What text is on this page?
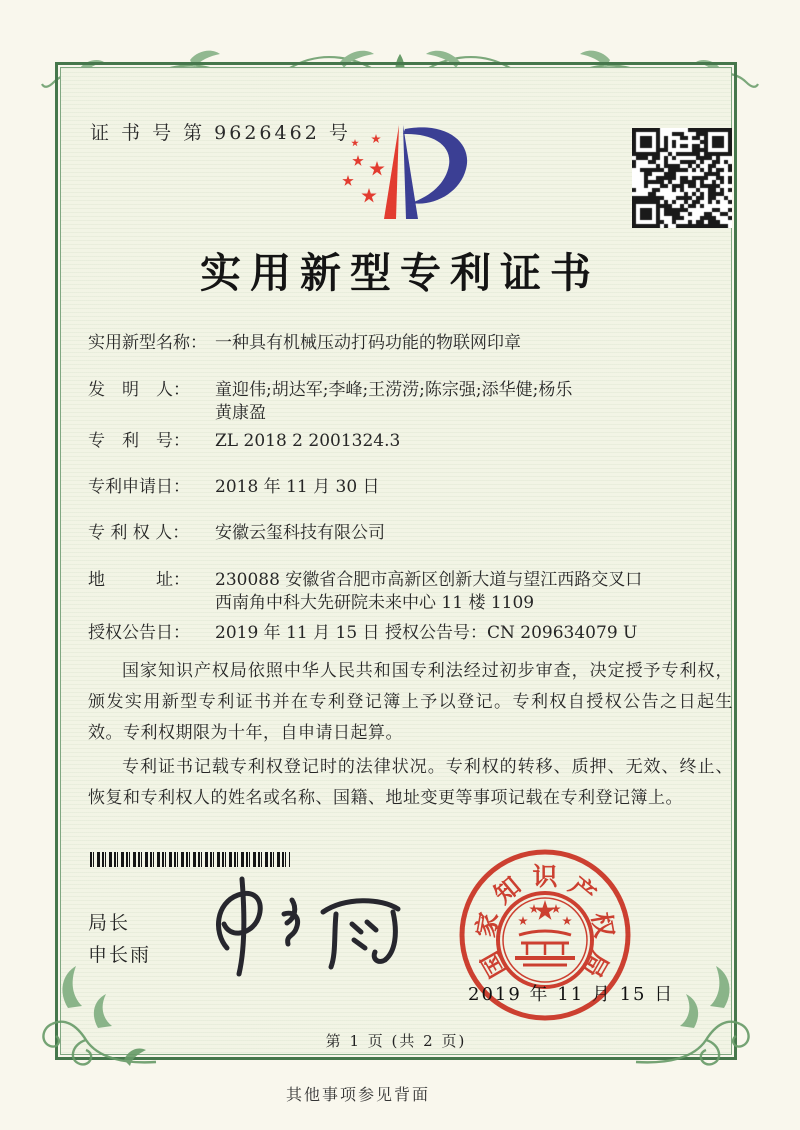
证 书 号 第 9626462 号
实用新型专利证书
实用新型名称： 一种具有机械压动打码功能的物联网印章
发　明　人： 童迎伟;胡达军;李峰;王涝涝;陈宗强;添华健;杨乐
黄康盈
专　利　号： ZL 2018 2 2001324.3
专利申请日： 2018 年 11 月 30 日
专 利 权 人： 安徽云玺科技有限公司
地　　　址： 230088 安徽省合肥市高新区创新大道与望江西路交叉口
西南角中科大先研院未来中心 11 楼 1109
授权公告日： 2019 年 11 月 15 日 授权公告号：CN 209634079 U

国家知识产权局依照中华人民共和国专利法经过初步审查，决定授予专利权，颁发实用新型专利证书并在专利登记簿上予以登记。专利权自授权公告之日起生效。专利权期限为十年，自申请日起算。

专利证书记载专利权登记时的法律状况。专利权的转移、质押、无效、终止、恢复和专利权人的姓名或名称、国籍、地址变更等事项记载在专利登记簿上。

局长
申长雨
2019 年 11 月 15 日
国
家
知 识 产
权
局
第 1 页 (共 2 页)
其他事项参见背面
